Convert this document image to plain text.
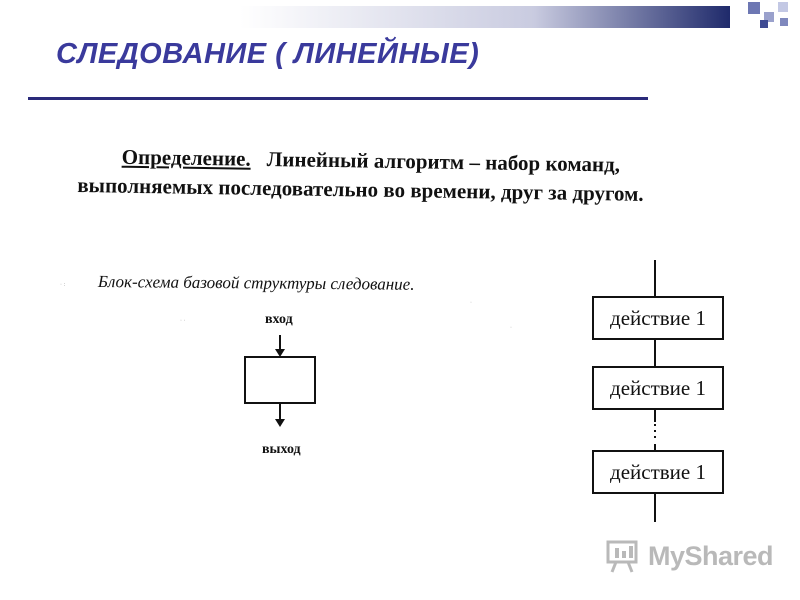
СЛЕДОВАНИЕ ( ЛИНЕЙНЫЕ)
Определение. Линейный алгоритм – набор команд,
выполняемых последовательно во времени, друг за другом.
Блок-схема базовой структуры следование.
· :
· ·
·
·
вход
выход
действие 1
действие 1
действие 1
MyShared
